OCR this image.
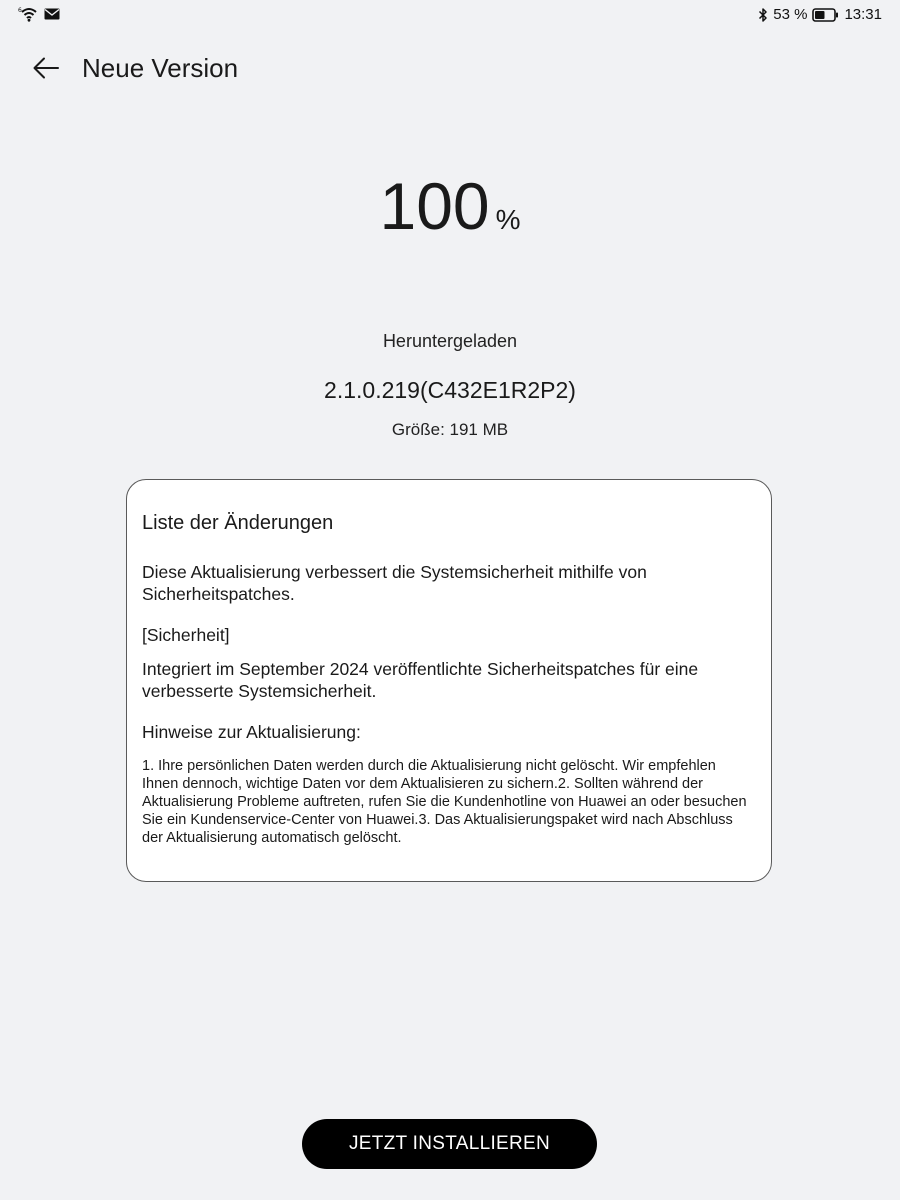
6	53 % 13:31
Neue Version
100 %
Heruntergeladen
2.1.0.219(C432E1R2P2)
Größe: 191 MB
Liste der Änderungen

Diese Aktualisierung verbessert die Systemsicherheit mithilfe von Sicherheitspatches.

[Sicherheit]

Integriert im September 2024 veröffentlichte Sicherheitspatches für eine verbesserte Systemsicherheit.

Hinweise zur Aktualisierung:

1. Ihre persönlichen Daten werden durch die Aktualisierung nicht gelöscht. Wir empfehlen Ihnen dennoch, wichtige Daten vor dem Aktualisieren zu sichern.2. Sollten während der Aktualisierung Probleme auftreten, rufen Sie die Kundenhotline von Huawei an oder besuchen Sie ein Kundenservice-Center von Huawei.3. Das Aktualisierungspaket wird nach Abschluss der Aktualisierung automatisch gelöscht.

JETZT INSTALLIEREN
